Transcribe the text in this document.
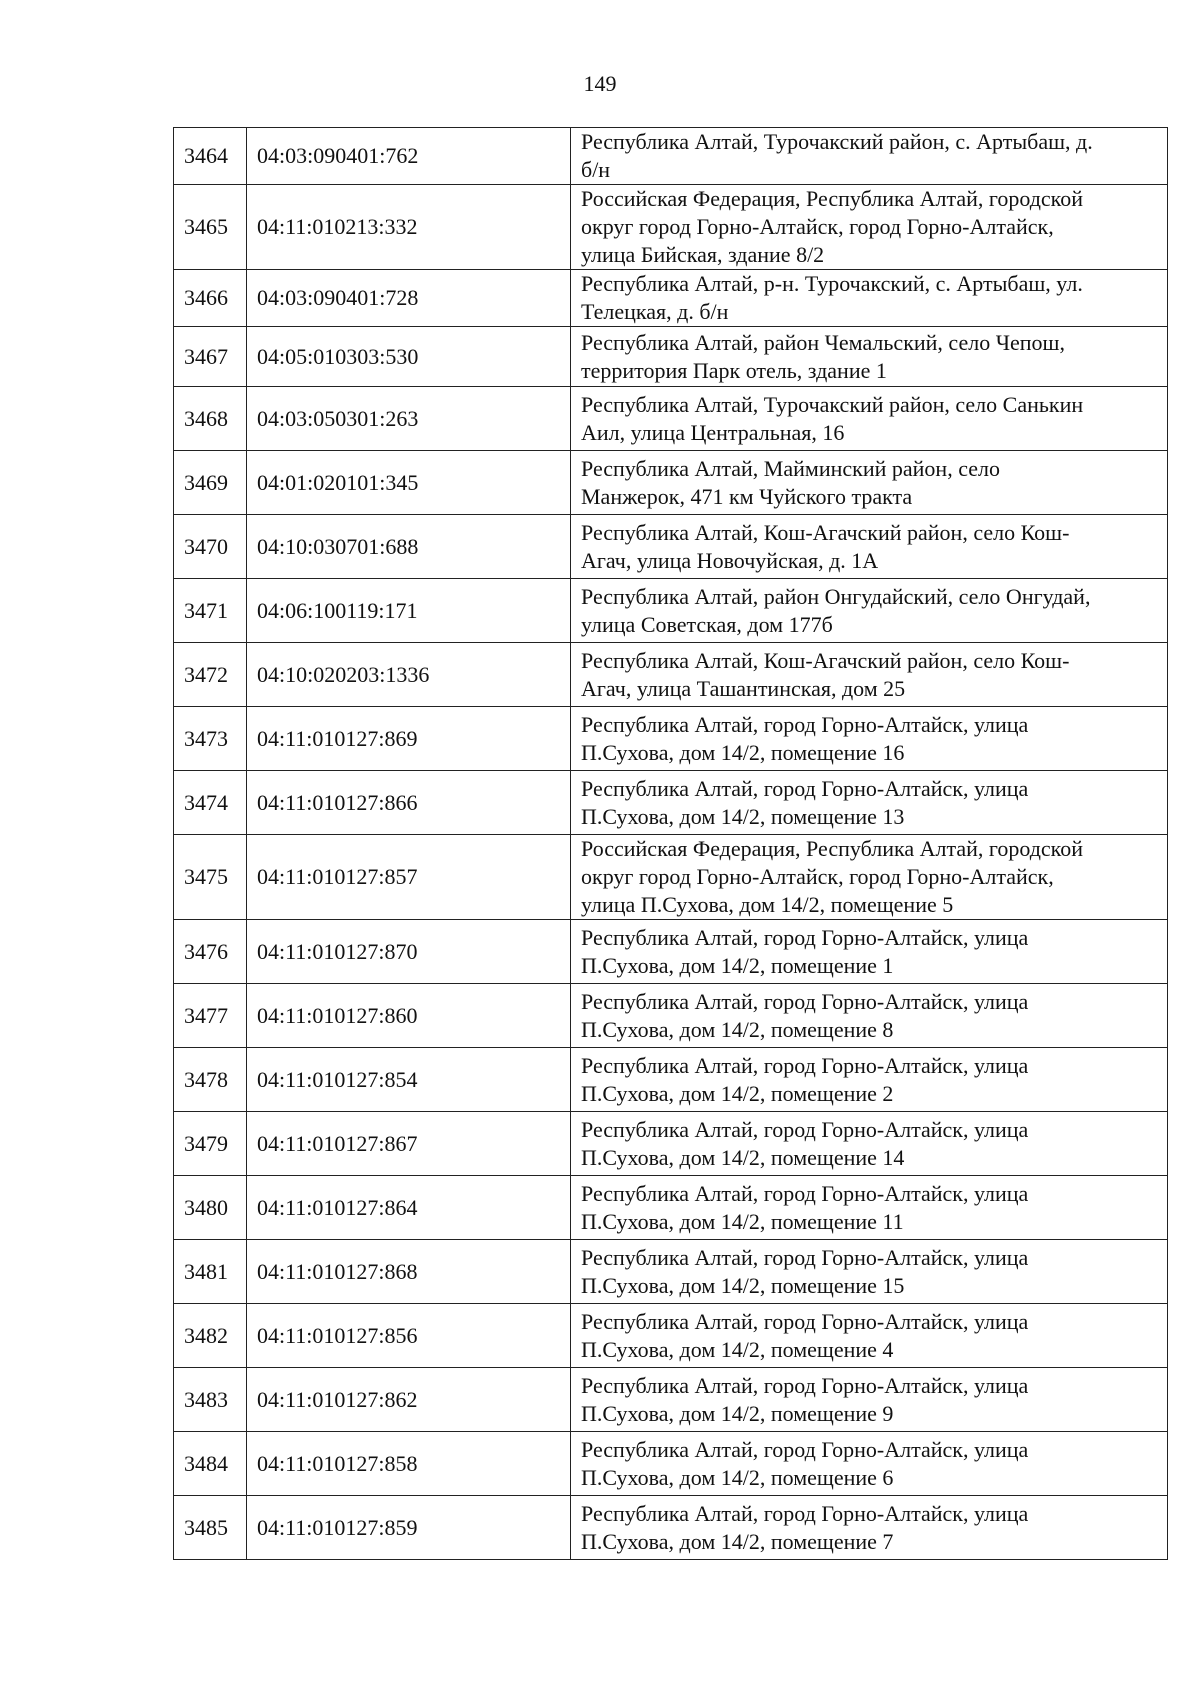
149
3464	04:03:090401:762	Республика Алтай, Турочакский район, с. Артыбаш, д.
б/н

3465	04:11:010213:332	Российская Федерация, Республика Алтай, городской
округ город Горно-Алтайск, город Горно-Алтайск,
улица Бийская, здание 8/2

3466	04:03:090401:728	Республика Алтай, р-н. Турочакский, с. Артыбаш, ул.
Телецкая, д. б/н

3467	04:05:010303:530	Республика Алтай, район Чемальский, село Чепош,
территория Парк отель, здание 1

3468	04:03:050301:263	Республика Алтай, Турочакский район, село Санькин
Аил, улица Центральная, 16

3469	04:01:020101:345	Республика Алтай, Майминский район, село
Манжерок, 471 км Чуйского тракта

3470	04:10:030701:688	Республика Алтай, Кош-Агачский район, село Кош-
Агач, улица Новочуйская, д. 1А

3471	04:06:100119:171	Республика Алтай, район Онгудайский, село Онгудай,
улица Советская, дом 177б

3472	04:10:020203:1336	Республика Алтай, Кош-Агачский район, село Кош-
Агач, улица Ташантинская, дом 25

3473	04:11:010127:869	Республика Алтай, город Горно-Алтайск, улица
П.Сухова, дом 14/2, помещение 16

3474	04:11:010127:866	Республика Алтай, город Горно-Алтайск, улица
П.Сухова, дом 14/2, помещение 13

3475	04:11:010127:857	Российская Федерация, Республика Алтай, городской
округ город Горно-Алтайск, город Горно-Алтайск,
улица П.Сухова, дом 14/2, помещение 5

3476	04:11:010127:870	Республика Алтай, город Горно-Алтайск, улица
П.Сухова, дом 14/2, помещение 1

3477	04:11:010127:860	Республика Алтай, город Горно-Алтайск, улица
П.Сухова, дом 14/2, помещение 8

3478	04:11:010127:854	Республика Алтай, город Горно-Алтайск, улица
П.Сухова, дом 14/2, помещение 2

3479	04:11:010127:867	Республика Алтай, город Горно-Алтайск, улица
П.Сухова, дом 14/2, помещение 14

3480	04:11:010127:864	Республика Алтай, город Горно-Алтайск, улица
П.Сухова, дом 14/2, помещение 11

3481	04:11:010127:868	Республика Алтай, город Горно-Алтайск, улица
П.Сухова, дом 14/2, помещение 15

3482	04:11:010127:856	Республика Алтай, город Горно-Алтайск, улица
П.Сухова, дом 14/2, помещение 4

3483	04:11:010127:862	Республика Алтай, город Горно-Алтайск, улица
П.Сухова, дом 14/2, помещение 9

3484	04:11:010127:858	Республика Алтай, город Горно-Алтайск, улица
П.Сухова, дом 14/2, помещение 6

3485	04:11:010127:859	Республика Алтай, город Горно-Алтайск, улица
П.Сухова, дом 14/2, помещение 7
